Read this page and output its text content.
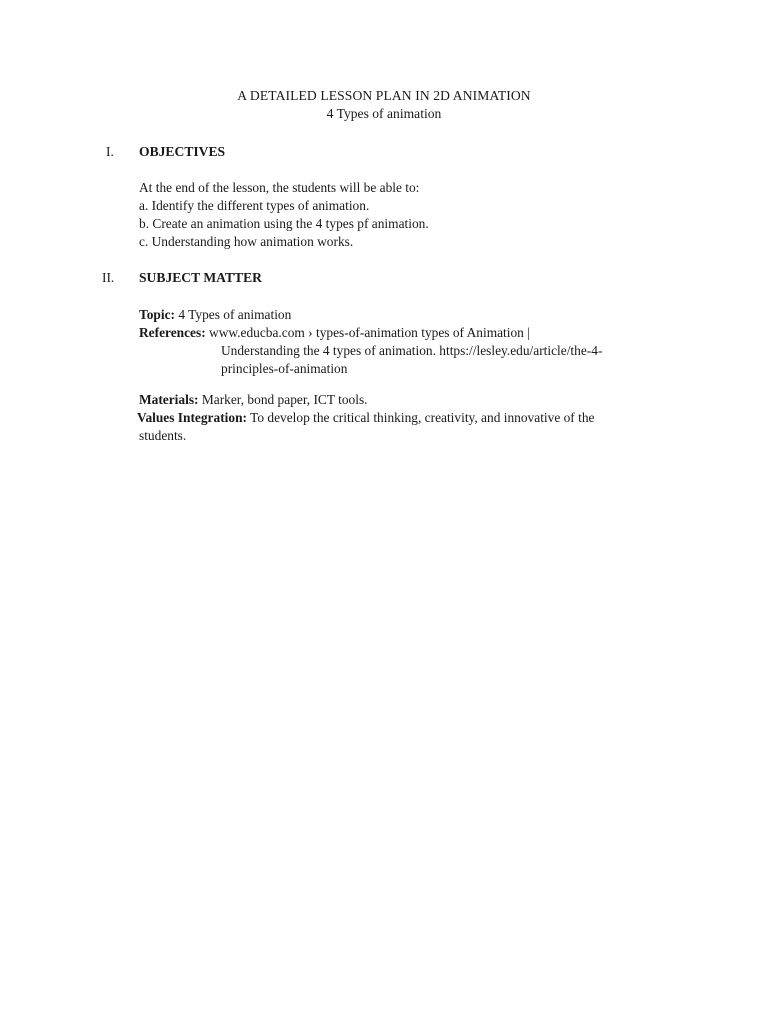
A DETAILED LESSON PLAN IN 2D ANIMATION
4 Types of animation
I. OBJECTIVES
At the end of the lesson, the students will be able to:
a. Identify the different types of animation.
b. Create an animation using the 4 types pf animation.
c. Understanding how animation works.
II. SUBJECT MATTER
Topic: 4 Types of animation
References: www.educba.com › types-of-animation types of Animation |
Understanding the 4 types of animation. https://lesley.edu/article/the-4-
principles-of-animation
Materials: Marker, bond paper, ICT tools.
Values Integration: To develop the critical thinking, creativity, and innovative of the
students.
